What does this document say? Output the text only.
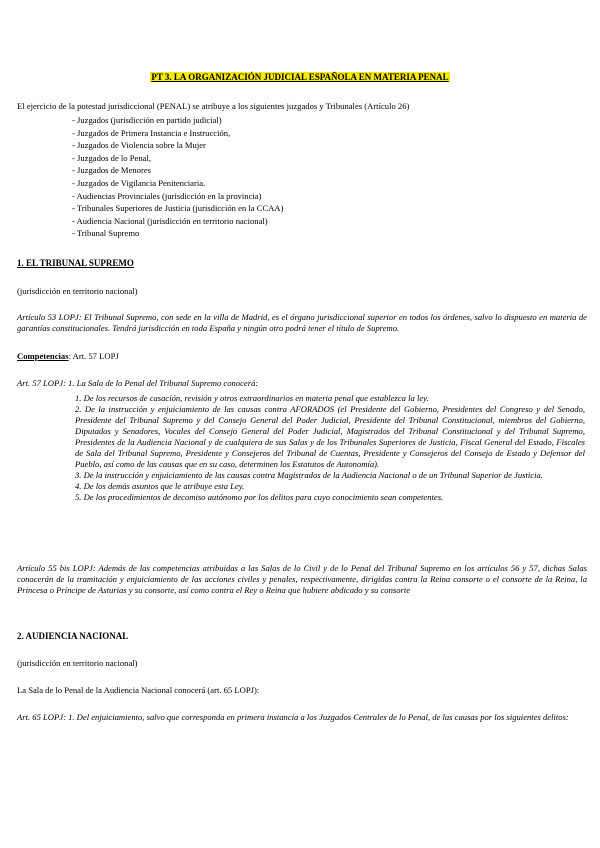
PT 3. LA ORGANIZACIÓN JUDICIAL ESPAÑOLA EN MATERIA PENAL
El ejercicio de la potestad jurisdiccional (PENAL) se atribuye a los siguientes juzgados y Tribunales (Artículo 26)
- Juzgados (jurisdicción en partido judicial)
- Juzgados de Primera Instancia e Instrucción,
- Juzgados de Violencia sobre la Mujer
- Juzgados de lo Penal,
- Juzgados de Menores
- Juzgados de Vigilancia Penitenciaria.
- Audiencias Provinciales (jurisdicción en la provincia)
- Tribunales Superiores de Justicia (jurisdicción en la CCAA)
- Audiencia Nacional (jurisdicción en territorio nacional)
- Tribunal Supremo
1. EL TRIBUNAL SUPREMO
(jurisdicción en territorio nacional)
Artículo 53 LOPJ: El Tribunal Supremo, con sede en la villa de Madrid, es el órgano jurisdiccional superior en todos los órdenes, salvo lo dispuesto en materia de garantías constitucionales. Tendrá jurisdicción en toda España y ningún otro podrá tener el título de Supremo.
Competencias: Art. 57 LOPJ
Art. 57 LOPJ: 1. La Sala de lo Penal del Tribunal Supremo conocerá:
1. De los recursos de casación, revisión y otros extraordinarios en materia penal que establezca la ley.
2. De la instrucción y enjuiciamiento de las causas contra AFORADOS (el Presidente del Gobierno, Presidentes del Congreso y del Senado, Presidente del Tribunal Supremo y del Consejo General del Poder Judicial, Presidente del Tribunal Constitucional, miembros del Gobierno, Diputados y Senadores, Vocales del Consejo General del Poder Judicial, Magistrados del Tribunal Constitucional y del Tribunal Supremo, Presidentes de la Audiencia Nacional y de cualquiera de sus Salas y de los Tribunales Superiores de Justicia, Fiscal General del Estado, Fiscales de Sala del Tribunal Supremo, Presidente y Consejeros del Tribunal de Cuentas, Presidente y Consejeros del Consejo de Estado y Defensor del Pueblo, así como de las causas que en su caso, determinen los Estatutos de Autonomía).
3. De la instrucción y enjuiciamiento de las causas contra Magistrados de la Audiencia Nacional o de un Tribunal Superior de Justicia.
4. De los demás asuntos que le atribuye esta Ley.
5. De los procedimientos de decomiso autónomo por los delitos para cuyo conocimiento sean competentes.
Artículo 55 bis LOPJ: Además de las competencias atribuidas a las Salas de lo Civil y de lo Penal del Tribunal Supremo en los artículos 56 y 57, dichas Salas conocerán de la tramitación y enjuiciamiento de las acciones civiles y penales, respectivamente, dirigidas contra la Reina consorte o el consorte de la Reina, la Princesa o Príncipe de Asturias y su consorte, así como contra el Rey o Reina que hubiere abdicado y su consorte
2. AUDIENCIA NACIONAL
(jurisdicción en territorio nacional)
La Sala de lo Penal de la Audiencia Nacional conocerá (art. 65 LOPJ):
Art. 65 LOPJ: 1. Del enjuiciamiento, salvo que corresponda en primera instancia a los Juzgados Centrales de lo Penal, de las causas por los siguientes delitos:
